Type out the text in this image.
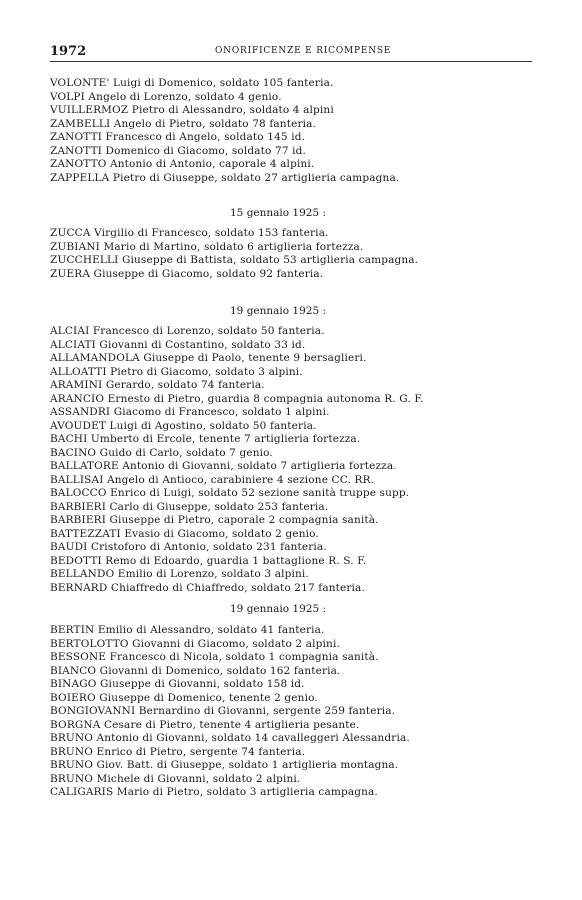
1972	ONORIFICENZE E RICOMPENSE
VOLONTE' Luigi di Domenico, soldato 105 fanteria.
VOLPI Angelo di Lorenzo, soldato 4 genio.
VUILLERMOZ Pietro di Alessandro, soldato 4 alpini
ZAMBELLI Angelo di Pietro, soldato 78 fanteria.
ZANOTTI Francesco di Angelo, soldato 145 id.
ZANOTTI Domenico di Giacomo, soldato 77 id.
ZANOTTO Antonio di Antonio, caporale 4 alpini.
ZAPPELLA Pietro di Giuseppe, soldato 27 artiglieria campagna.
15 gennaio 1925 :
ZUCCA Virgilio di Francesco, soldato 153 fanteria.
ZUBIANI Mario di Martino, soldato 6 artiglieria fortezza.
ZUCCHELLI Giuseppe di Battista, soldato 53 artiglieria campagna.
ZUERA Giuseppe di Giacomo, soldato 92 fanteria.
19 gennaio 1925 :
ALCIAI Francesco di Lorenzo, soldato 50 fanteria.
ALCIATI Giovanni di Costantino, soldato 33 id.
ALLAMANDOLA Giuseppe di Paolo, tenente 9 bersaglieri.
ALLOATTI Pietro di Giacomo, soldato 3 alpini.
ARAMINI Gerardo, soldato 74 fanteria.
ARANCIO Ernesto di Pietro, guardia 8 compagnia autonoma R. G. F.
ASSANDRI Giacomo di Francesco, soldato 1 alpini.
AVOUDET Luigi di Agostino, soldato 50 fanteria.
BACHI Umberto di Ercole, tenente 7 artiglieria fortezza.
BACINO Guido di Carlo, soldato 7 genio.
BALLATORE Antonio di Giovanni, soldato 7 artiglieria fortezza.
BALLISAI Angelo di Antioco, carabiniere 4 sezione CC. RR.
BALOCCO Enrico di Luigi, soldato 52 sezione sanità truppe supp.
BARBIERI Carlo di Giuseppe, soldato 253 fanteria.
BARBIERI Giuseppe di Pietro, caporale 2 compagnia sanità.
BATTEZZATI Evasio di Giacomo, soldato 2 genio.
BAUDI Cristoforo di Antonio, soldato 231 fanteria.
BEDOTTI Remo di Edoardo, guardia 1 battaglione R. S. F.
BELLANDO Emilio di Lorenzo, soldato 3 alpini.
BERNARD Chiaffredo di Chiaffredo, soldato 217 fanteria.
19 gennaio 1925 :
BERTIN Emilio di Alessandro, soldato 41 fanteria.
BERTOLOTTO Giovanni di Giacomo, soldato 2 alpini.
BESSONE Francesco di Nicola, soldato 1 compagnia sanità.
BIANCO Giovanni di Domenico, soldato 162 fanteria.
BINAGO Giuseppe di Giovanni, soldato 158 id.
BOIERO Giuseppe di Domenico, tenente 2 genio.
BONGIOVANNI Bernardino di Giovanni, sergente 259 fanteria.
BORGNA Cesare di Pietro, tenente 4 artiglieria pesante.
BRUNO Antonio di Giovanni, soldato 14 cavalleggeri Alessandria.
BRUNO Enrico di Pietro, sergente 74 fanteria.
BRUNO Giov. Batt. di Giuseppe, soldato 1 artiglieria montagna.
BRUNO Michele di Giovanni, soldato 2 alpini.
CALIGARIS Mario di Pietro, soldato 3 artiglieria campagna.
